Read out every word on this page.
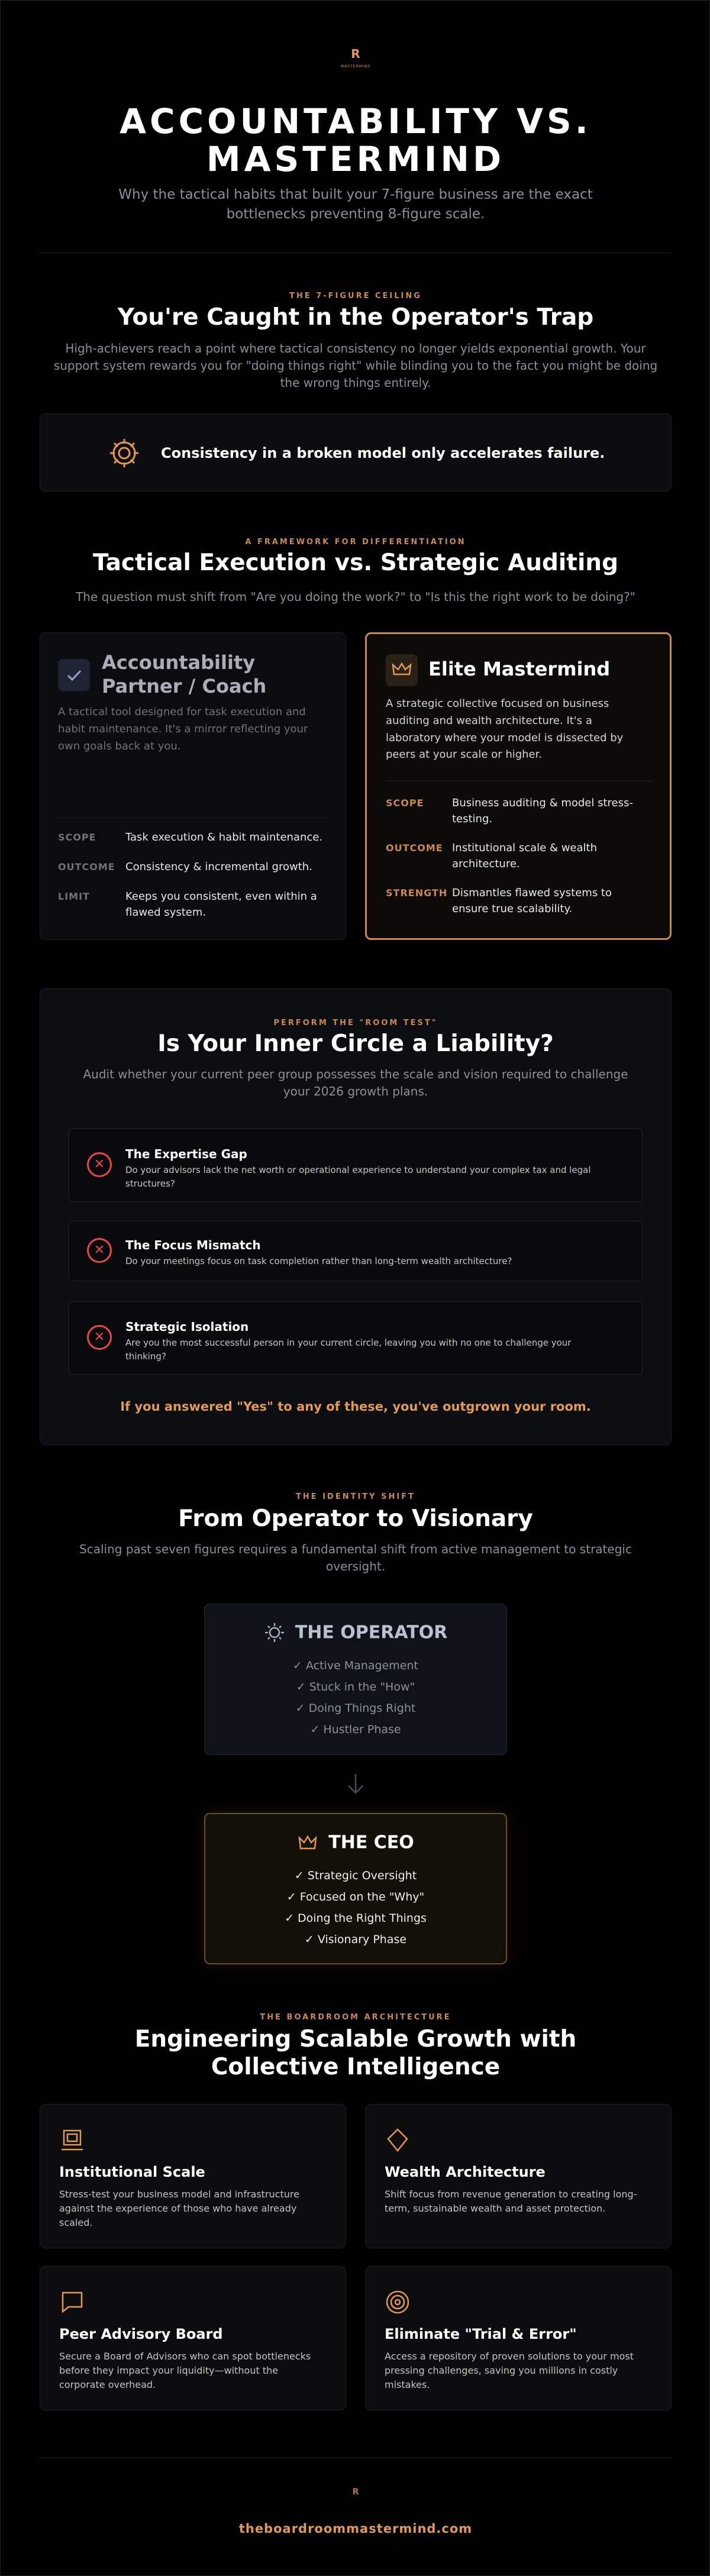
R
MASTERMIND
ACCOUNTABILITY VS. MASTERMIND

Why the tactical habits that built your 7-figure business are the exact bottlenecks preventing 8-figure scale.

THE 7-FIGURE CEILING
You're Caught in the Operator's Trap

High-achievers reach a point where tactical consistency no longer yields exponential growth. Your support system rewards you for "doing things right" while blinding you to the fact you might be doing the wrong things entirely.

Consistency in a broken model only accelerates failure.
A FRAMEWORK FOR DIFFERENTIATION
Tactical Execution vs. Strategic Auditing

The question must shift from "Are you doing the work?" to "Is this the right work to be doing?"

Accountability Partner / Coach

A tactical tool designed for task execution and habit maintenance. It's a mirror reflecting your own goals back at you.

SCOPE	Task execution & habit maintenance.
OUTCOME Consistency & incremental growth.
LIMIT	Keeps you consistent, even within a flawed system.
Elite Mastermind

A strategic collective focused on business auditing and wealth architecture. It's a laboratory where your model is dissected by peers at your scale or higher.

SCOPE	Business auditing & model stress-testing.
OUTCOME Institutional scale & wealth architecture.
STRENGTH Dismantles flawed systems to ensure true scalability.
PERFORM THE "ROOM TEST"
Is Your Inner Circle a Liability?

Audit whether your current peer group possesses the scale and vision required to challenge your 2026 growth plans.

✕
The Expertise Gap
Do your advisors lack the net worth or operational experience to understand your complex tax and legal structures?
✕	The Focus Mismatch
Do your meetings focus on task completion rather than long-term wealth architecture?
✕
Strategic Isolation
Are you the most successful person in your current circle, leaving you with no one to challenge your thinking?
If you answered "Yes" to any of these, you've outgrown your room.
THE IDENTITY SHIFT
From Operator to Visionary

Scaling past seven figures requires a fundamental shift from active management to strategic oversight.

THE OPERATOR
✓ Active Management
✓ Stuck in the "How"
✓ Doing Things Right
✓ Hustler Phase
THE CEO
✓ Strategic Oversight
✓ Focused on the "Why"
✓ Doing the Right Things
✓ Visionary Phase
THE BOARDROOM ARCHITECTURE
Engineering Scalable Growth with Collective Intelligence
Institutional Scale

Stress-test your business model and infrastructure against the experience of those who have already scaled.

Wealth Architecture

Shift focus from revenue generation to creating long-term, sustainable wealth and asset protection.

Peer Advisory Board

Secure a Board of Advisors who can spot bottlenecks before they impact your liquidity—without the corporate overhead.

Eliminate "Trial & Error"

Access a repository of proven solutions to your most pressing challenges, saving you millions in costly mistakes.

R
theboardroommastermind.com
